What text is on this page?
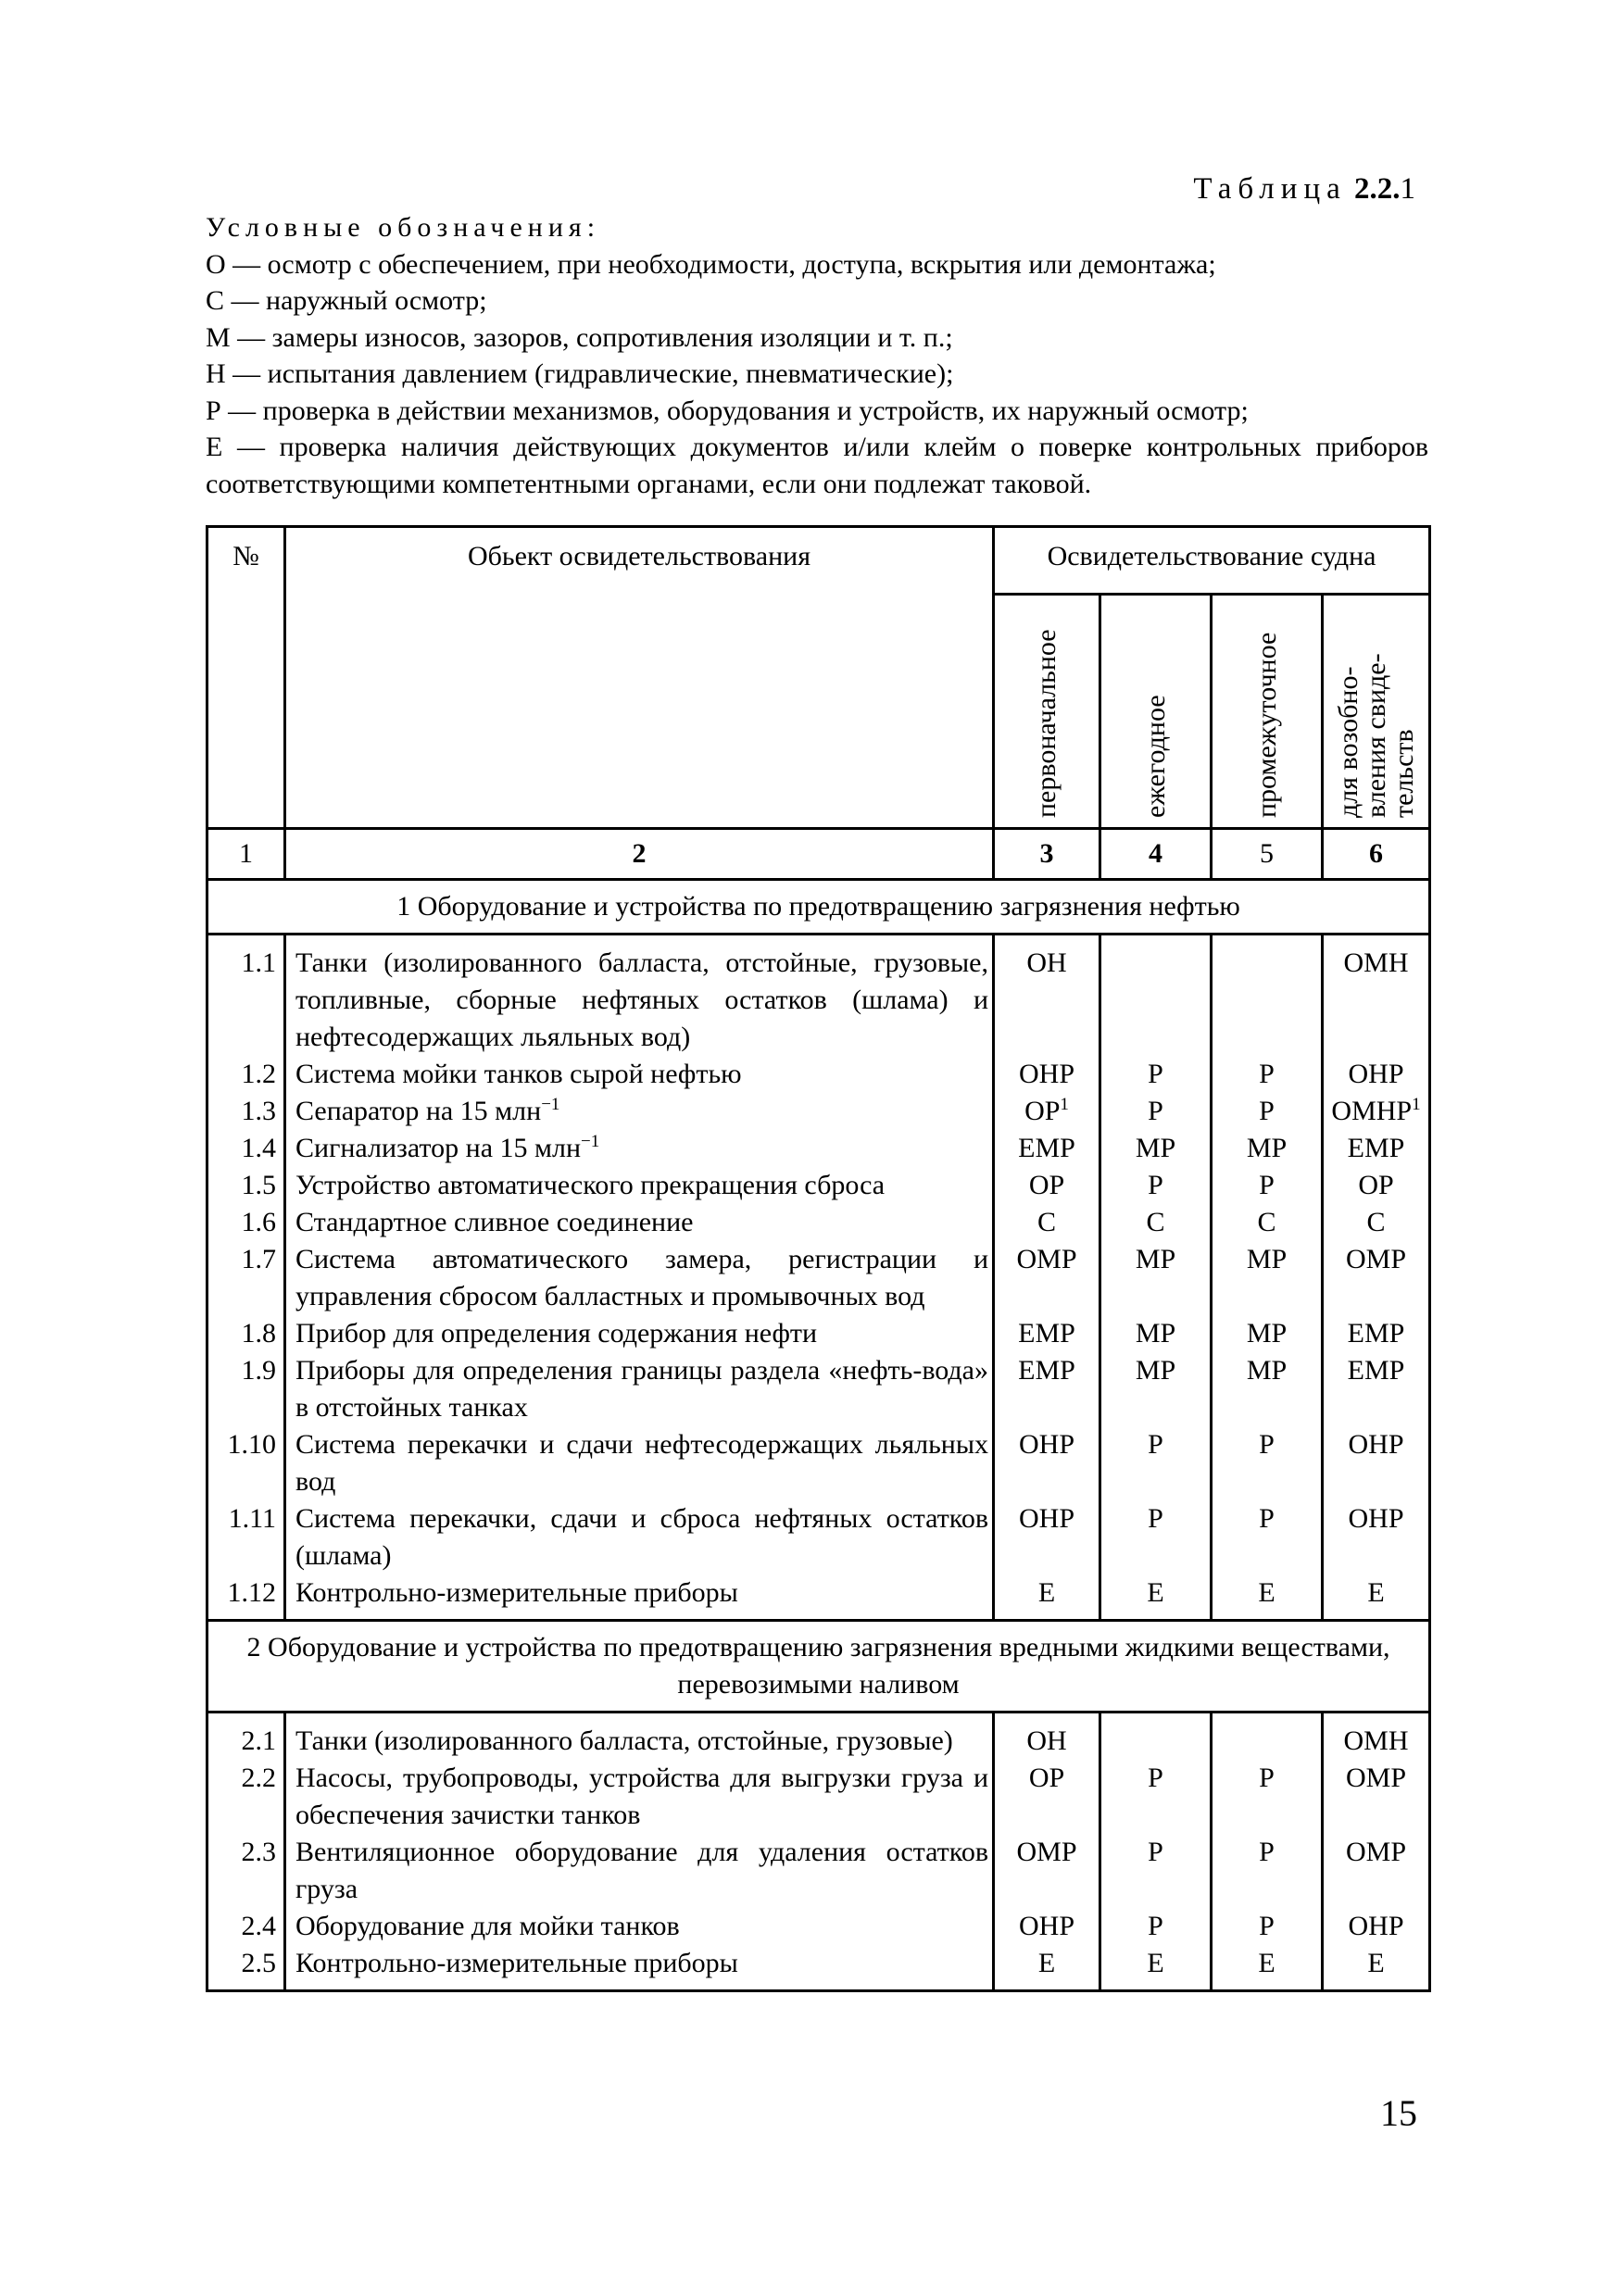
Таблица 2.2.1
Условные обозначения:
О — осмотр с обеспечением, при необходимости, доступа, вскрытия или демонтажа;
С — наружный осмотр;
М — замеры износов, зазоров, сопротивления изоляции и т. п.;
Н — испытания давлением (гидравлические, пневматические);
Р — проверка в действии механизмов, оборудования и устройств, их наружный осмотр;
Е — проверка наличия действующих документов и/или клейм о поверке контрольных приборов соответствующими компетентными органами, если они подлежат таковой.
№	Обьект освидетельствования	Освидетельствование судна			

		первоначальное	ежегодное	промежуточное	для возобно-
вления свиде-
тельств

1	2	3	4	5	6
1 Оборудование и устройства по предотвращению загрязнения нефтью					
1.1	Танки (изолированного балласта, отстойные, грузовые, топливные, сборные нефтяных остатков (шлама) и нефтесодержащих льяльных вод)	ОН			ОМН
1.2	Система мойки танков сырой нефтью	ОНР	Р	Р	ОНР
1.3	Сепаратор на 15 млн$^{-1}$	$ОР^1$	Р	Р	ОМНР$^1$
1.4	Сигнализатор на 15 млн$^{-1}$	ЕМР	МР	МР	ЕМР
1.5	Устройство автоматического прекращения сброса	ОР	Р	Р	ОР
1.6	Стандартное сливное соединение	С	С	С	С
1.7	Система автоматического замера, регистрации и управления сбросом балластных и промывочных вод	ОМР	МР	МР	ОМР
1.8	Прибор для определения содержания нефти	ЕМР	МР	МР	ЕМР
1.9	Приборы для определения границы раздела «нефть-вода» в отстойных танках	ЕМР	МР	МР	ЕМР
1.10	Система перекачки и сдачи нефтесодержащих льяльных вод	ОНР	Р	Р	ОНР
1.11	Система перекачки, сдачи и сброса нефтяных остатков (шлама)	ОНР	Р	Р	ОНР
1.12	Контрольно-измерительные приборы	Е	Е	Е	Е
2 Оборудование и устройства по предотвращению загрязнения вредными жидкими веществами, перевозимыми наливом					
2.1	Танки (изолированного балласта, отстойные, грузовые)	ОН			ОМН
2.2	Насосы, трубопроводы, устройства для выгрузки груза и обеспечения зачистки танков	ОР	Р	Р	ОМР
2.3	Вентиляционное оборудование для удаления остатков груза	ОМР	Р	Р	ОМР
2.4	Оборудование для мойки танков	ОНР	Р	Р	ОНР
2.5	Контрольно-измерительные приборы	Е	Е	Е	Е
15
